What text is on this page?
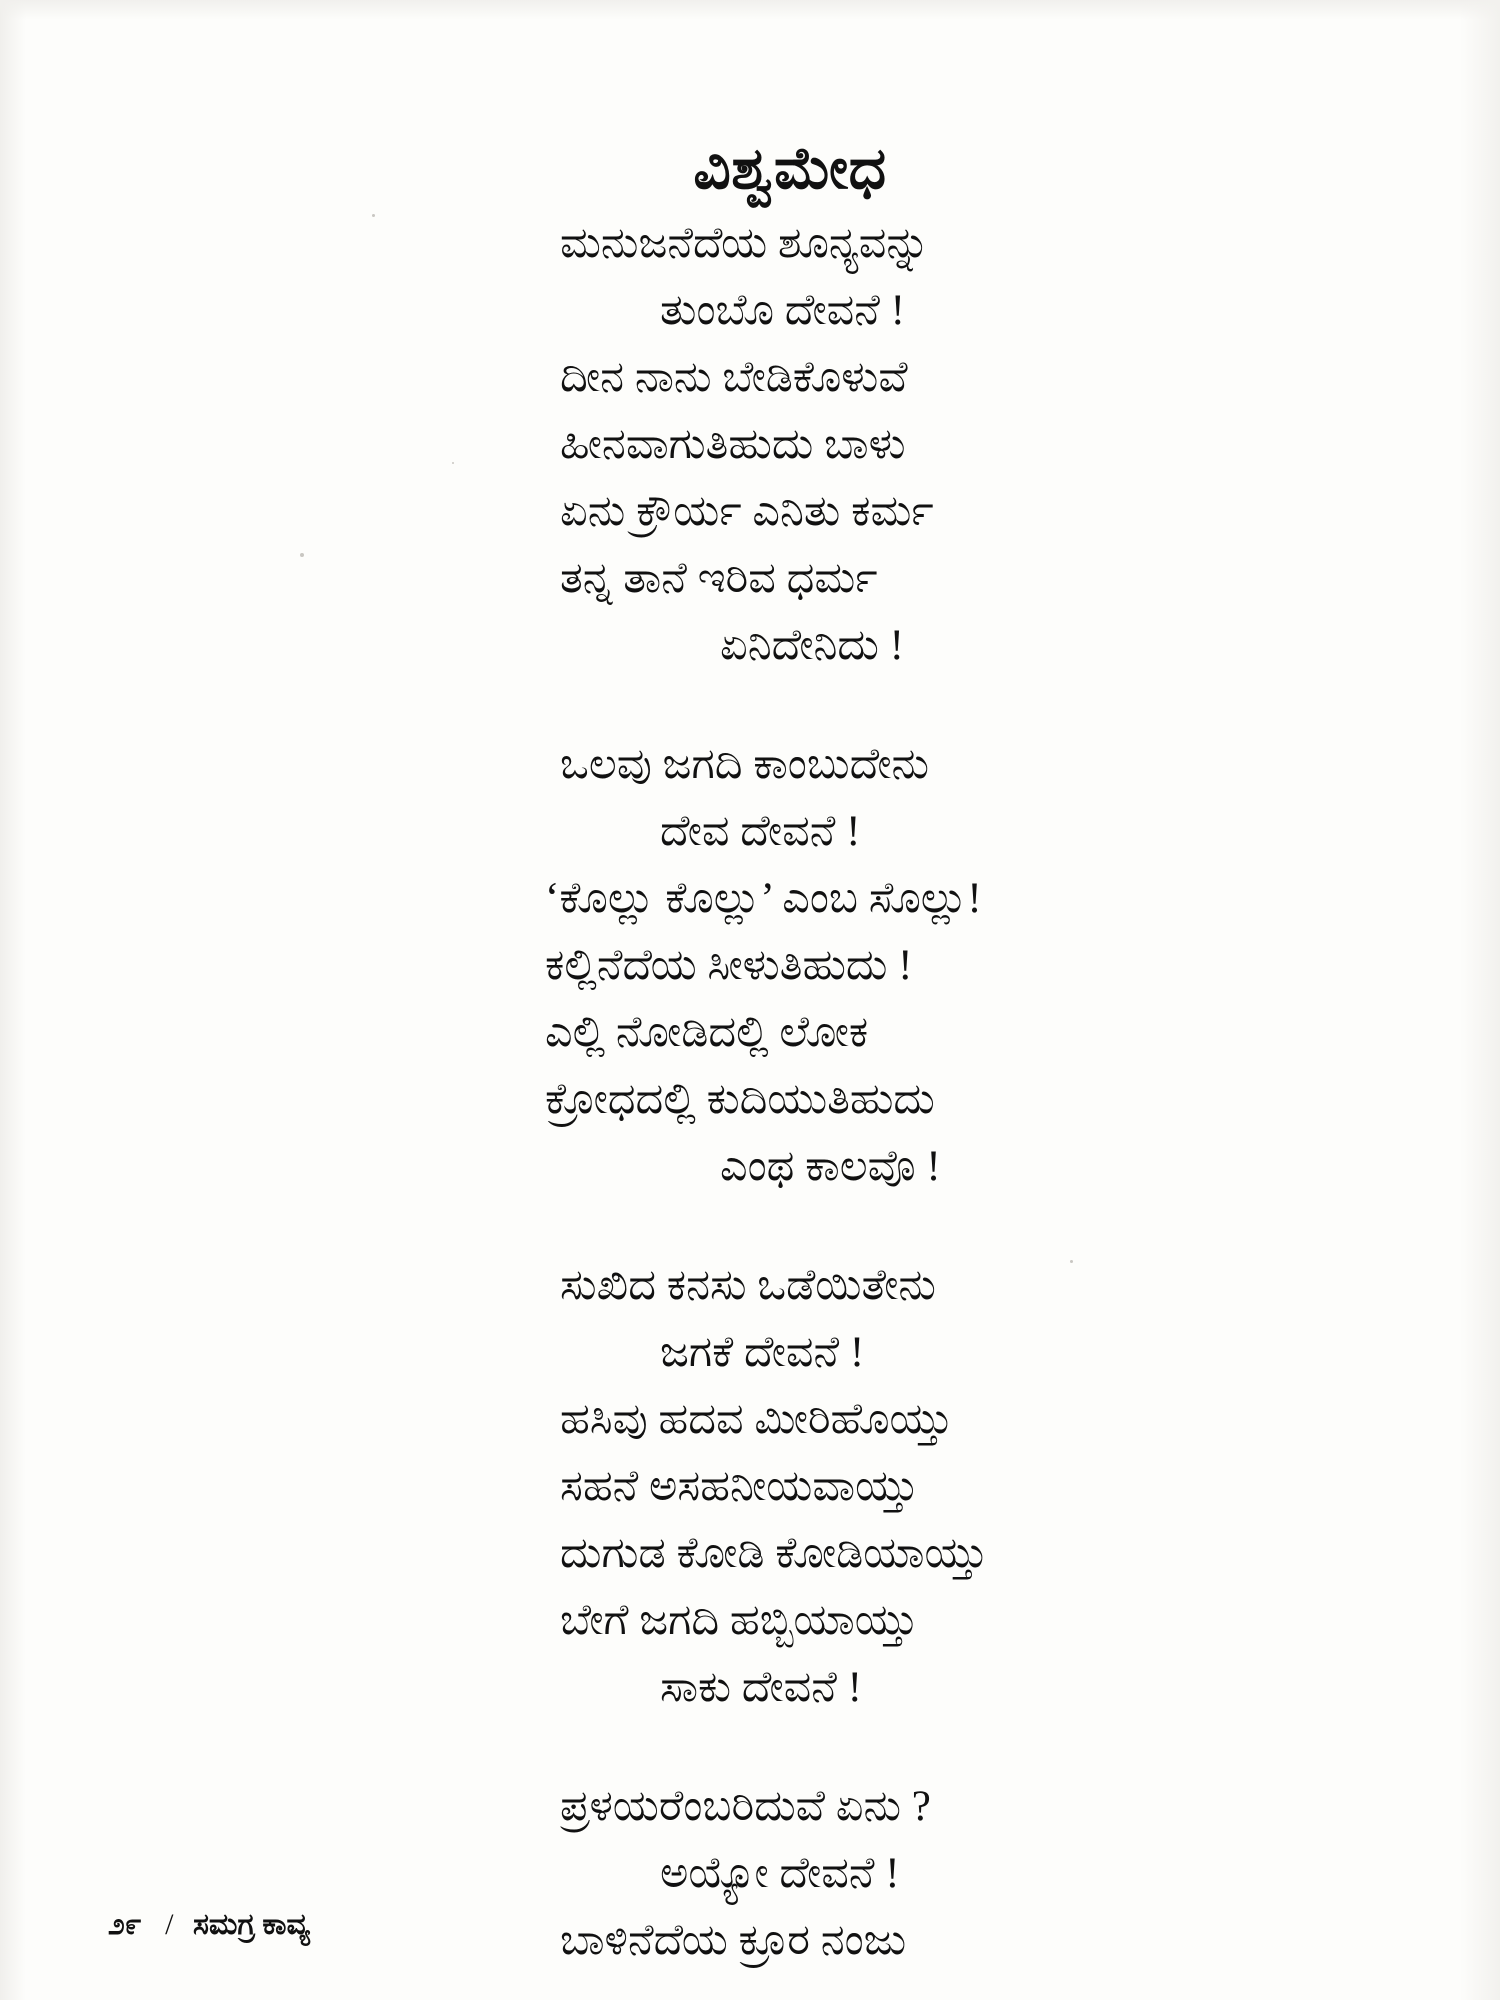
ವಿಶ್ವಮೇಧ
ಮನುಜನೆದೆಯ ಶೂನ್ಯವನ್ನು
ತುಂಬೊ ದೇವನೆ !
ದೀನ ನಾನು ಬೇಡಿಕೊಳುವೆ
ಹೀನವಾಗುತಿಹುದು ಬಾಳು
ಏನು ಕ್ರೌರ್ಯ ಎನಿತು ಕರ್ಮ
ತನ್ನ ತಾನೆ ಇರಿವ ಧರ್ಮ
ಏನಿದೇನಿದು !
ಒಲವು ಜಗದಿ ಕಾಂಬುದೇನು
ದೇವ ದೇವನೆ !
‘ಕೊಲ್ಲು ಕೊಲ್ಲು’ ಎಂಬ ಸೊಲ್ಲು!
ಕಲ್ಲಿನೆದೆಯ ಸೀಳುತಿಹುದು !
ಎಲ್ಲಿ ನೋಡಿದಲ್ಲಿ ಲೋಕ
ಕ್ರೋಧದಲ್ಲಿ ಕುದಿಯುತಿಹುದು
ಎಂಥ ಕಾಲವೊ !
ಸುಖಿದ ಕನಸು ಒಡೆಯಿತೇನು
ಜಗಕೆ ದೇವನೆ !
ಹಸಿವು ಹದವ ಮೀರಿಹೊಯ್ತು
ಸಹನೆ ಅಸಹನೀಯವಾಯ್ತು
ದುಗುಡ ಕೋಡಿ ಕೋಡಿಯಾಯ್ತು
ಬೇಗೆ ಜಗದಿ ಹಬ್ಬಿಯಾಯ್ತು
ಸಾಕು ದೇವನೆ !
ಪ್ರಳಯರೆಂಬರಿದುವೆ ಏನು ?
ಅಯ್ಯೋ ದೇವನೆ !
ಬಾಳಿನೆದೆಯ ಕ್ರೂರ ನಂಜು
೨೯ / ಸಮಗ್ರ ಕಾವ್ಯ
